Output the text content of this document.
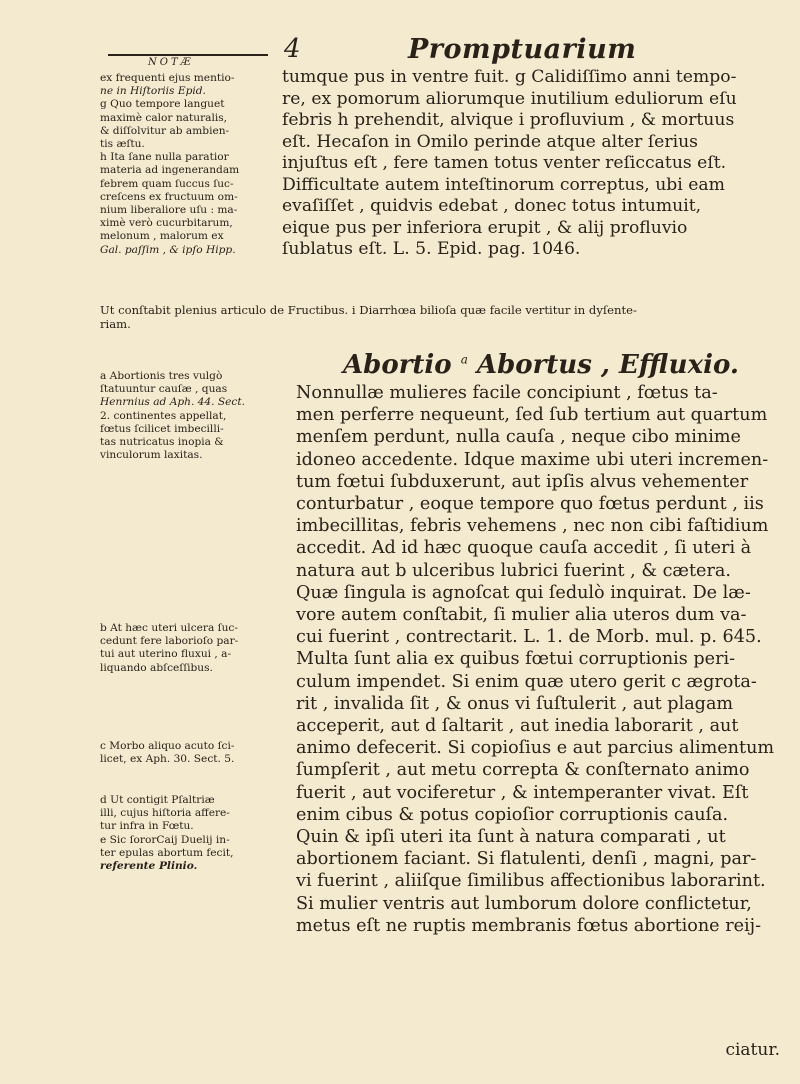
NOTÆ	4	Promptuarium
ex frequenti ejus mentio-
ne in Hiſtoriis Epid.
g Quo tempore languet
maximè calor naturalis,
& diſſolvitur ab ambien-
tis æſtu.
h Ita ſane nulla paratior
materia ad ingenerandam
febrem quam ſuccus ſuc-
creſcens ex fructuum om-
nium liberaliore uſu : ma-
ximè verò cucurbitarum,
melonum , malorum ex
Gal. paſſim , & ipſo Hipp.
tumque pus in ventre fuit. g Calidiſſimo anni tempo-
re, ex pomorum aliorumque inutilium eduliorum eſu
febris h prehendit, alvique i profluvium , & mortuus
eſt. Hecaſon in Omilo perinde atque alter ſerius
injuſtus eſt , fere tamen totus venter reſiccatus eſt.
Difficultate autem inteſtinorum correptus, ubi eam
evaſiſſet , quidvis edebat , donec totus intumuit,
eique pus per inferiora erupit , & alij profluvio
ſublatus eſt. L. 5. Epid. pag. 1046.
Ut conſtabit plenius articulo de Fructibus. i Diarrhœa bilioſa quæ facile vertitur in dyſente-
riam.
Abortio $^a$ Abortus , Effluxio.
a Abortionis tres vulgò
ſtatuuntur cauſæ , quas
Henrnius ad Aph. 44. Sect.
2. continentes appellat,
fœtus ſcilicet imbecilli-
tas nutricatus inopia &
vinculorum laxitas.
b At hæc uteri ulcera ſuc-
cedunt fere laborioſo par-
tui aut uterino fluxui , a-
liquando abſceſſibus.
c Morbo aliquo acuto ſci-
licet, ex Aph. 30. Sect. 5.
d Ut contigit Pſaltriæ
illi, cujus hiſtoria affere-
tur infra in Fœtu.
e Sic ſororCaij Duelij in-
ter epulas abortum fecit,
referente Plinio.
Nonnullæ mulieres facile concipiunt , fœtus ta-
men perferre nequeunt, ſed ſub tertium aut quartum
menſem perdunt, nulla cauſa , neque cibo minime
idoneo accedente. Idque maxime ubi uteri incremen-
tum fœtui ſubduxerunt, aut ipſis alvus vehementer
conturbatur , eoque tempore quo fœtus perdunt , iis
imbecillitas, febris vehemens , nec non cibi faſtidium
accedit. Ad id hæc quoque cauſa accedit , ſi uteri à
natura aut b ulceribus lubrici fuerint , & cætera.
Quæ ſingula is agnoſcat qui ſedulò inquirat. De læ-
vore autem conſtabit, ſi mulier alia uteros dum va-
cui fuerint , contrectarit. L. 1. de Morb. mul. p. 645.
Multa ſunt alia ex quibus fœtui corruptionis peri-
culum impendet. Si enim quæ utero gerit c ægrota-
rit , invalida ſit , & onus vi ſuſtulerit , aut plagam
acceperit, aut d ſaltarit , aut inedia laborarit , aut
animo defecerit. Si copioſius e aut parcius alimentum
ſumpſerit , aut metu correpta & conſternato animo
fuerit , aut vociferetur , & intemperanter vivat. Eſt
enim cibus & potus copioſior corruptionis cauſa.
Quin & ipſi uteri ita ſunt à natura comparati , ut
abortionem faciant. Si flatulenti, denſi , magni, par-
vi fuerint , aliiſque ſimilibus affectionibus laborarint.
Si mulier ventris aut lumborum dolore conflictetur,
metus eſt ne ruptis membranis fœtus abortione reij-
ciatur.
